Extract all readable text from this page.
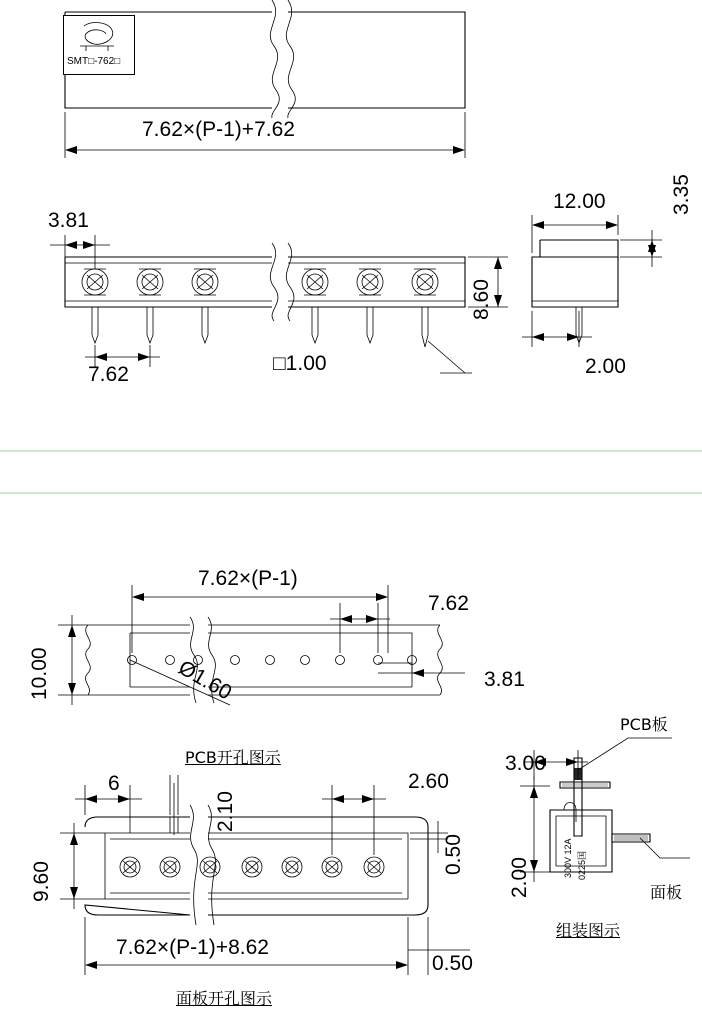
SMT□-762□
7.62×(P-1)+7.62
3.81
7.62	□1.00
8.60
12.00	3.35
2.00
7.62×(P-1)
7.62
3.81
Ø1.60
10.00
PCB开孔图示
6
2.10
2.60
9.60
0.50
7.62×(P-1)+8.62
0.50
面板开孔图示
PCB板
面板
3.00
2.00
组装图示
300V 12A 0225国
